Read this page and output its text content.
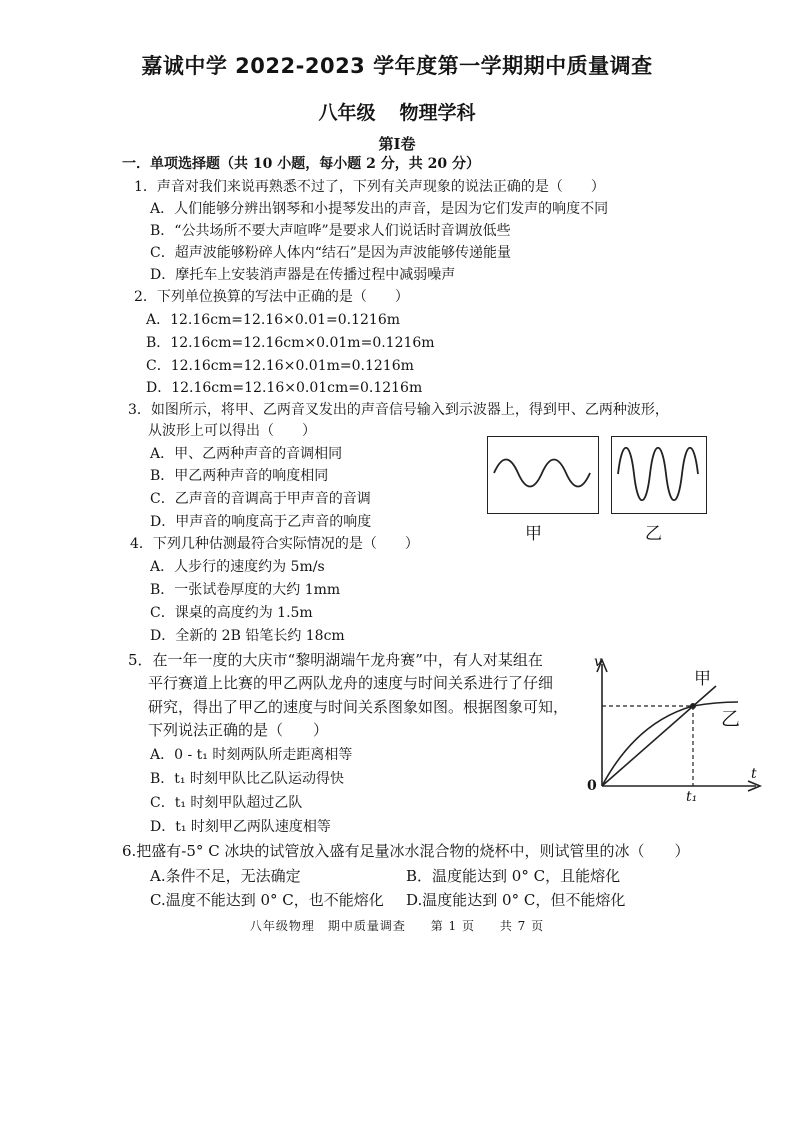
嘉诚中学 2022-2023 学年度第一学期期中质量调查
八年级 物理学科
第Ⅰ卷
一．单项选择题（共 10 小题，每小题 2 分，共 20 分）
1．声音对我们来说再熟悉不过了，下列有关声现象的说法正确的是（　　）
A．人们能够分辨出钢琴和小提琴发出的声音，是因为它们发声的响度不同
B．“公共场所不要大声喧哗”是要求人们说话时音调放低些
C．超声波能够粉碎人体内“结石”是因为声波能够传递能量
D．摩托车上安装消声器是在传播过程中减弱噪声
2．下列单位换算的写法中正确的是（　　）
A．12.16cm=12.16×0.01=0.1216m
B．12.16cm=12.16cm×0.01m=0.1216m
C．12.16cm=12.16×0.01m=0.1216m
D．12.16cm=12.16×0.01cm=0.1216m
3．如图所示，将甲、乙两音叉发出的声音信号输入到示波器上，得到甲、乙两种波形，
从波形上可以得出（　　）
A．甲、乙两种声音的音调相同
B．甲乙两种声音的响度相同
C．乙声音的音调高于甲声音的音调
D．甲声音的响度高于乙声音的响度
甲	乙
4．下列几种估测最符合实际情况的是（　　）
A．人步行的速度约为 5m/s
B．一张试卷厚度的大约 1mm
C．课桌的高度约为 1.5m
D．全新的 2B 铅笔长约 18cm
5．在一年一度的大庆市“黎明湖端午龙舟赛”中，有人对某组在
平行赛道上比赛的甲乙两队龙舟的速度与时间关系进行了仔细
研究，得出了甲乙的速度与时间关系图象如图。根据图象可知，
下列说法正确的是（　　）
A．0 - t₁ 时刻两队所走距离相等
B．t₁ 时刻甲队比乙队运动得快
C．t₁ 时刻甲队超过乙队
D．t₁ 时刻甲乙两队速度相等
v
t
0
t₁
甲
乙
6.把盛有-5° C 冰块的试管放入盛有足量冰水混合物的烧杯中，则试管里的冰（　　）
A.条件不足，无法确定	B．温度能达到 0° C，且能熔化
C.温度不能达到 0° C，也不能熔化 D.温度能达到 0° C，但不能熔化
八年级物理　期中质量调查 第 1 页 共 7 页
